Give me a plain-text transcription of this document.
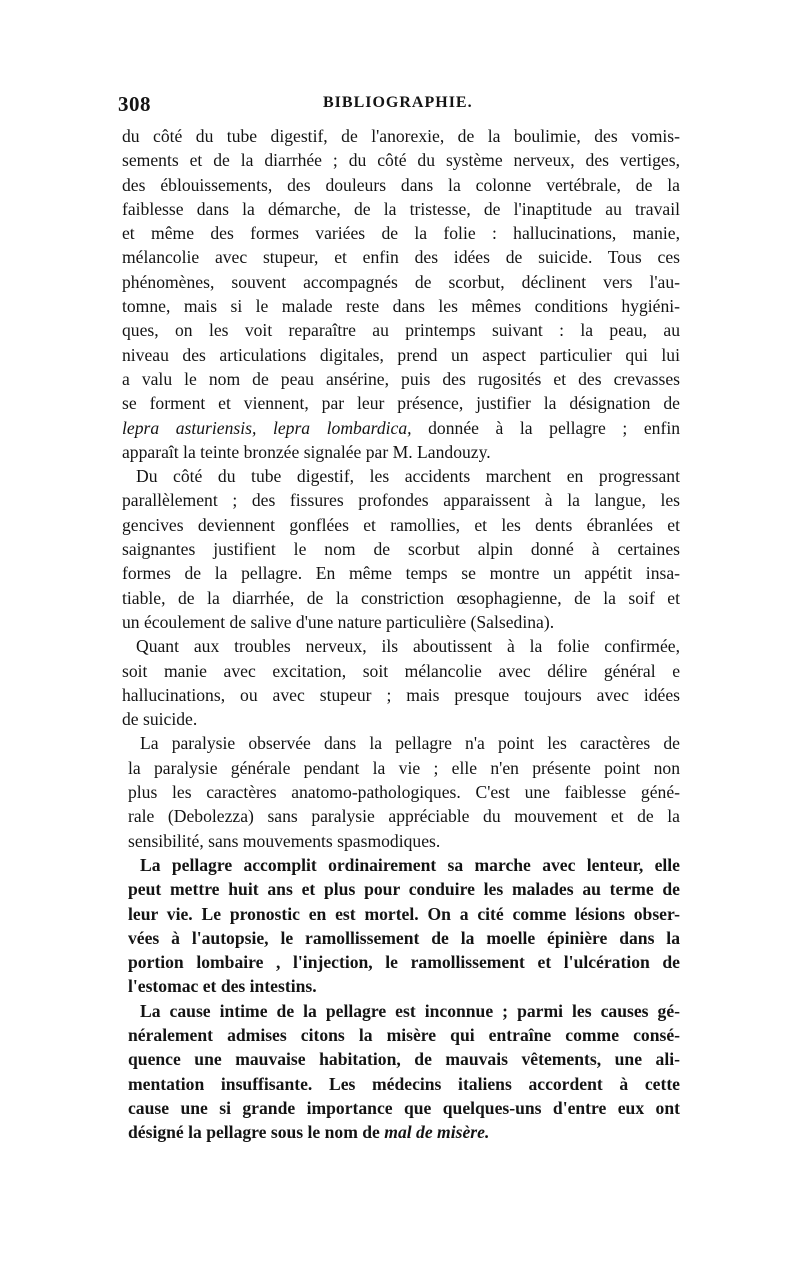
308	BIBLIOGRAPHIE.
du côté du tube digestif, de l'anorexie, de la boulimie, des vomis-
sements et de la diarrhée ; du côté du système nerveux, des vertiges,
des éblouissements, des douleurs dans la colonne vertébrale, de la
faiblesse dans la démarche, de la tristesse, de l'inaptitude au travail
et même des formes variées de la folie : hallucinations, manie,
mélancolie avec stupeur, et enfin des idées de suicide. Tous ces
phénomènes, souvent accompagnés de scorbut, déclinent vers l'au-
tomne, mais si le malade reste dans les mêmes conditions hygiéni-
ques, on les voit reparaître au printemps suivant : la peau, au
niveau des articulations digitales, prend un aspect particulier qui lui
a valu le nom de peau ansérine, puis des rugosités et des crevasses
se forment et viennent, par leur présence, justifier la désignation de
lepra asturiensis, lepra lombardica, donnée à la pellagre ; enfin
apparaît la teinte bronzée signalée par M. Landouzy.
Du côté du tube digestif, les accidents marchent en progressant
parallèlement ; des fissures profondes apparaissent à la langue, les
gencives deviennent gonflées et ramollies, et les dents ébranlées et
saignantes justifient le nom de scorbut alpin donné à certaines
formes de la pellagre. En même temps se montre un appétit insa-
tiable, de la diarrhée, de la constriction œsophagienne, de la soif et
un écoulement de salive d'une nature particulière (Salsedina).
Quant aux troubles nerveux, ils aboutissent à la folie confirmée,
soit manie avec excitation, soit mélancolie avec délire général e
hallucinations, ou avec stupeur ; mais presque toujours avec idées
de suicide.
La paralysie observée dans la pellagre n'a point les caractères de
la paralysie générale pendant la vie ; elle n'en présente point non
plus les caractères anatomo-pathologiques. C'est une faiblesse géné-
rale (Debolezza) sans paralysie appréciable du mouvement et de la
sensibilité, sans mouvements spasmodiques.
La pellagre accomplit ordinairement sa marche avec lenteur, elle
peut mettre huit ans et plus pour conduire les malades au terme de
leur vie. Le pronostic en est mortel. On a cité comme lésions obser-
vées à l'autopsie, le ramollissement de la moelle épinière dans la
portion lombaire , l'injection, le ramollissement et l'ulcération de
l'estomac et des intestins.
La cause intime de la pellagre est inconnue ; parmi les causes gé-
néralement admises citons la misère qui entraîne comme consé-
quence une mauvaise habitation, de mauvais vêtements, une ali-
mentation insuffisante. Les médecins italiens accordent à cette
cause une si grande importance que quelques-uns d'entre eux ont
désigné la pellagre sous le nom de mal de misère.
